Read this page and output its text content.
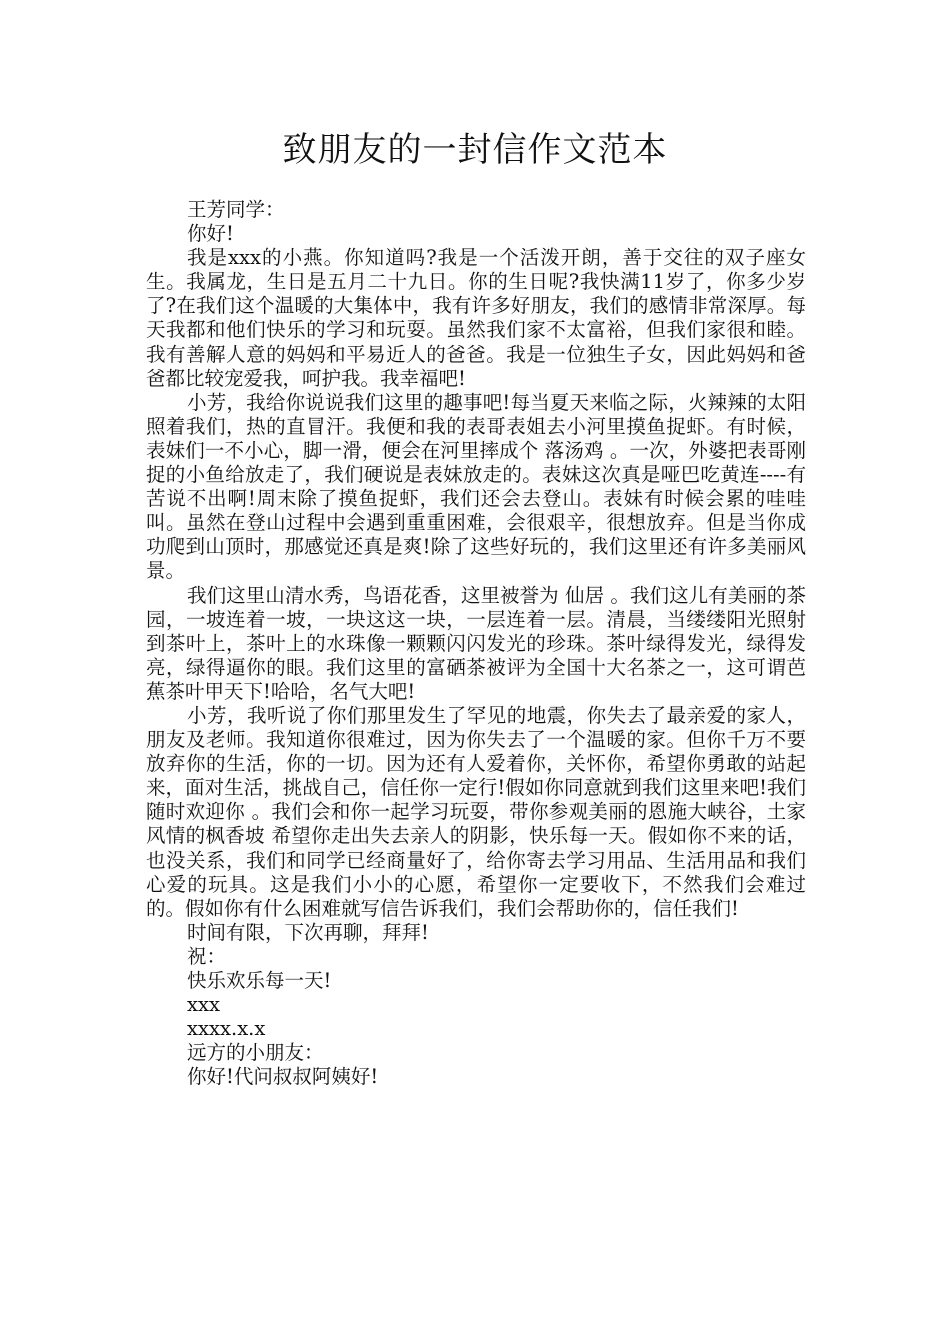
致朋友的一封信作文范本

王芳同学：

你好!

我是xxx的小燕。你知道吗?我是一个活泼开朗，善于交往的双子座女生。我属龙，生日是五月二十九日。你的生日呢?我快满11岁了，你多少岁了?在我们这个温暖的大集体中，我有许多好朋友，我们的感情非常深厚。每天我都和他们快乐的学习和玩耍。虽然我们家不太富裕，但我们家很和睦。我有善解人意的妈妈和平易近人的爸爸。我是一位独生子女，因此妈妈和爸爸都比较宠爱我，呵护我。我幸福吧!

小芳，我给你说说我们这里的趣事吧!每当夏天来临之际，火辣辣的太阳照着我们，热的直冒汗。我便和我的表哥表姐去小河里摸鱼捉虾。有时候，表妹们一不小心，脚一滑，便会在河里摔成个 落汤鸡 。一次，外婆把表哥刚捉的小鱼给放走了，我们硬说是表妹放走的。表妹这次真是哑巴吃黄连----有苦说不出啊!周末除了摸鱼捉虾，我们还会去登山。表妹有时候会累的哇哇叫。虽然在登山过程中会遇到重重困难，会很艰辛，很想放弃。但是当你成功爬到山顶时，那感觉还真是爽!除了这些好玩的，我们这里还有许多美丽风景。

我们这里山清水秀，鸟语花香，这里被誉为 仙居 。我们这儿有美丽的茶园，一坡连着一坡，一块这这一块，一层连着一层。清晨，当缕缕阳光照射到茶叶上，茶叶上的水珠像一颗颗闪闪发光的珍珠。茶叶绿得发光，绿得发亮，绿得逼你的眼。我们这里的富硒茶被评为全国十大名茶之一，这可谓芭蕉茶叶甲天下!哈哈，名气大吧!

小芳，我听说了你们那里发生了罕见的地震，你失去了最亲爱的家人，朋友及老师。我知道你很难过，因为你失去了一个温暖的家。但你千万不要放弃你的生活，你的一切。因为还有人爱着你，关怀你，希望你勇敢的站起来，面对生活，挑战自己，信任你一定行!假如你同意就到我们这里来吧!我们随时欢迎你 。我们会和你一起学习玩耍，带你参观美丽的恩施大峡谷，土家风情的枫香坡 希望你走出失去亲人的阴影，快乐每一天。假如你不来的话，也没关系，我们和同学已经商量好了，给你寄去学习用品、生活用品和我们心爱的玩具。这是我们小小的心愿，希望你一定要收下，不然我们会难过的。假如你有什么困难就写信告诉我们，我们会帮助你的，信任我们!

时间有限，下次再聊，拜拜!

祝：

快乐欢乐每一天!

xxx

xxxx.x.x

远方的小朋友：

你好!代问叔叔阿姨好!
